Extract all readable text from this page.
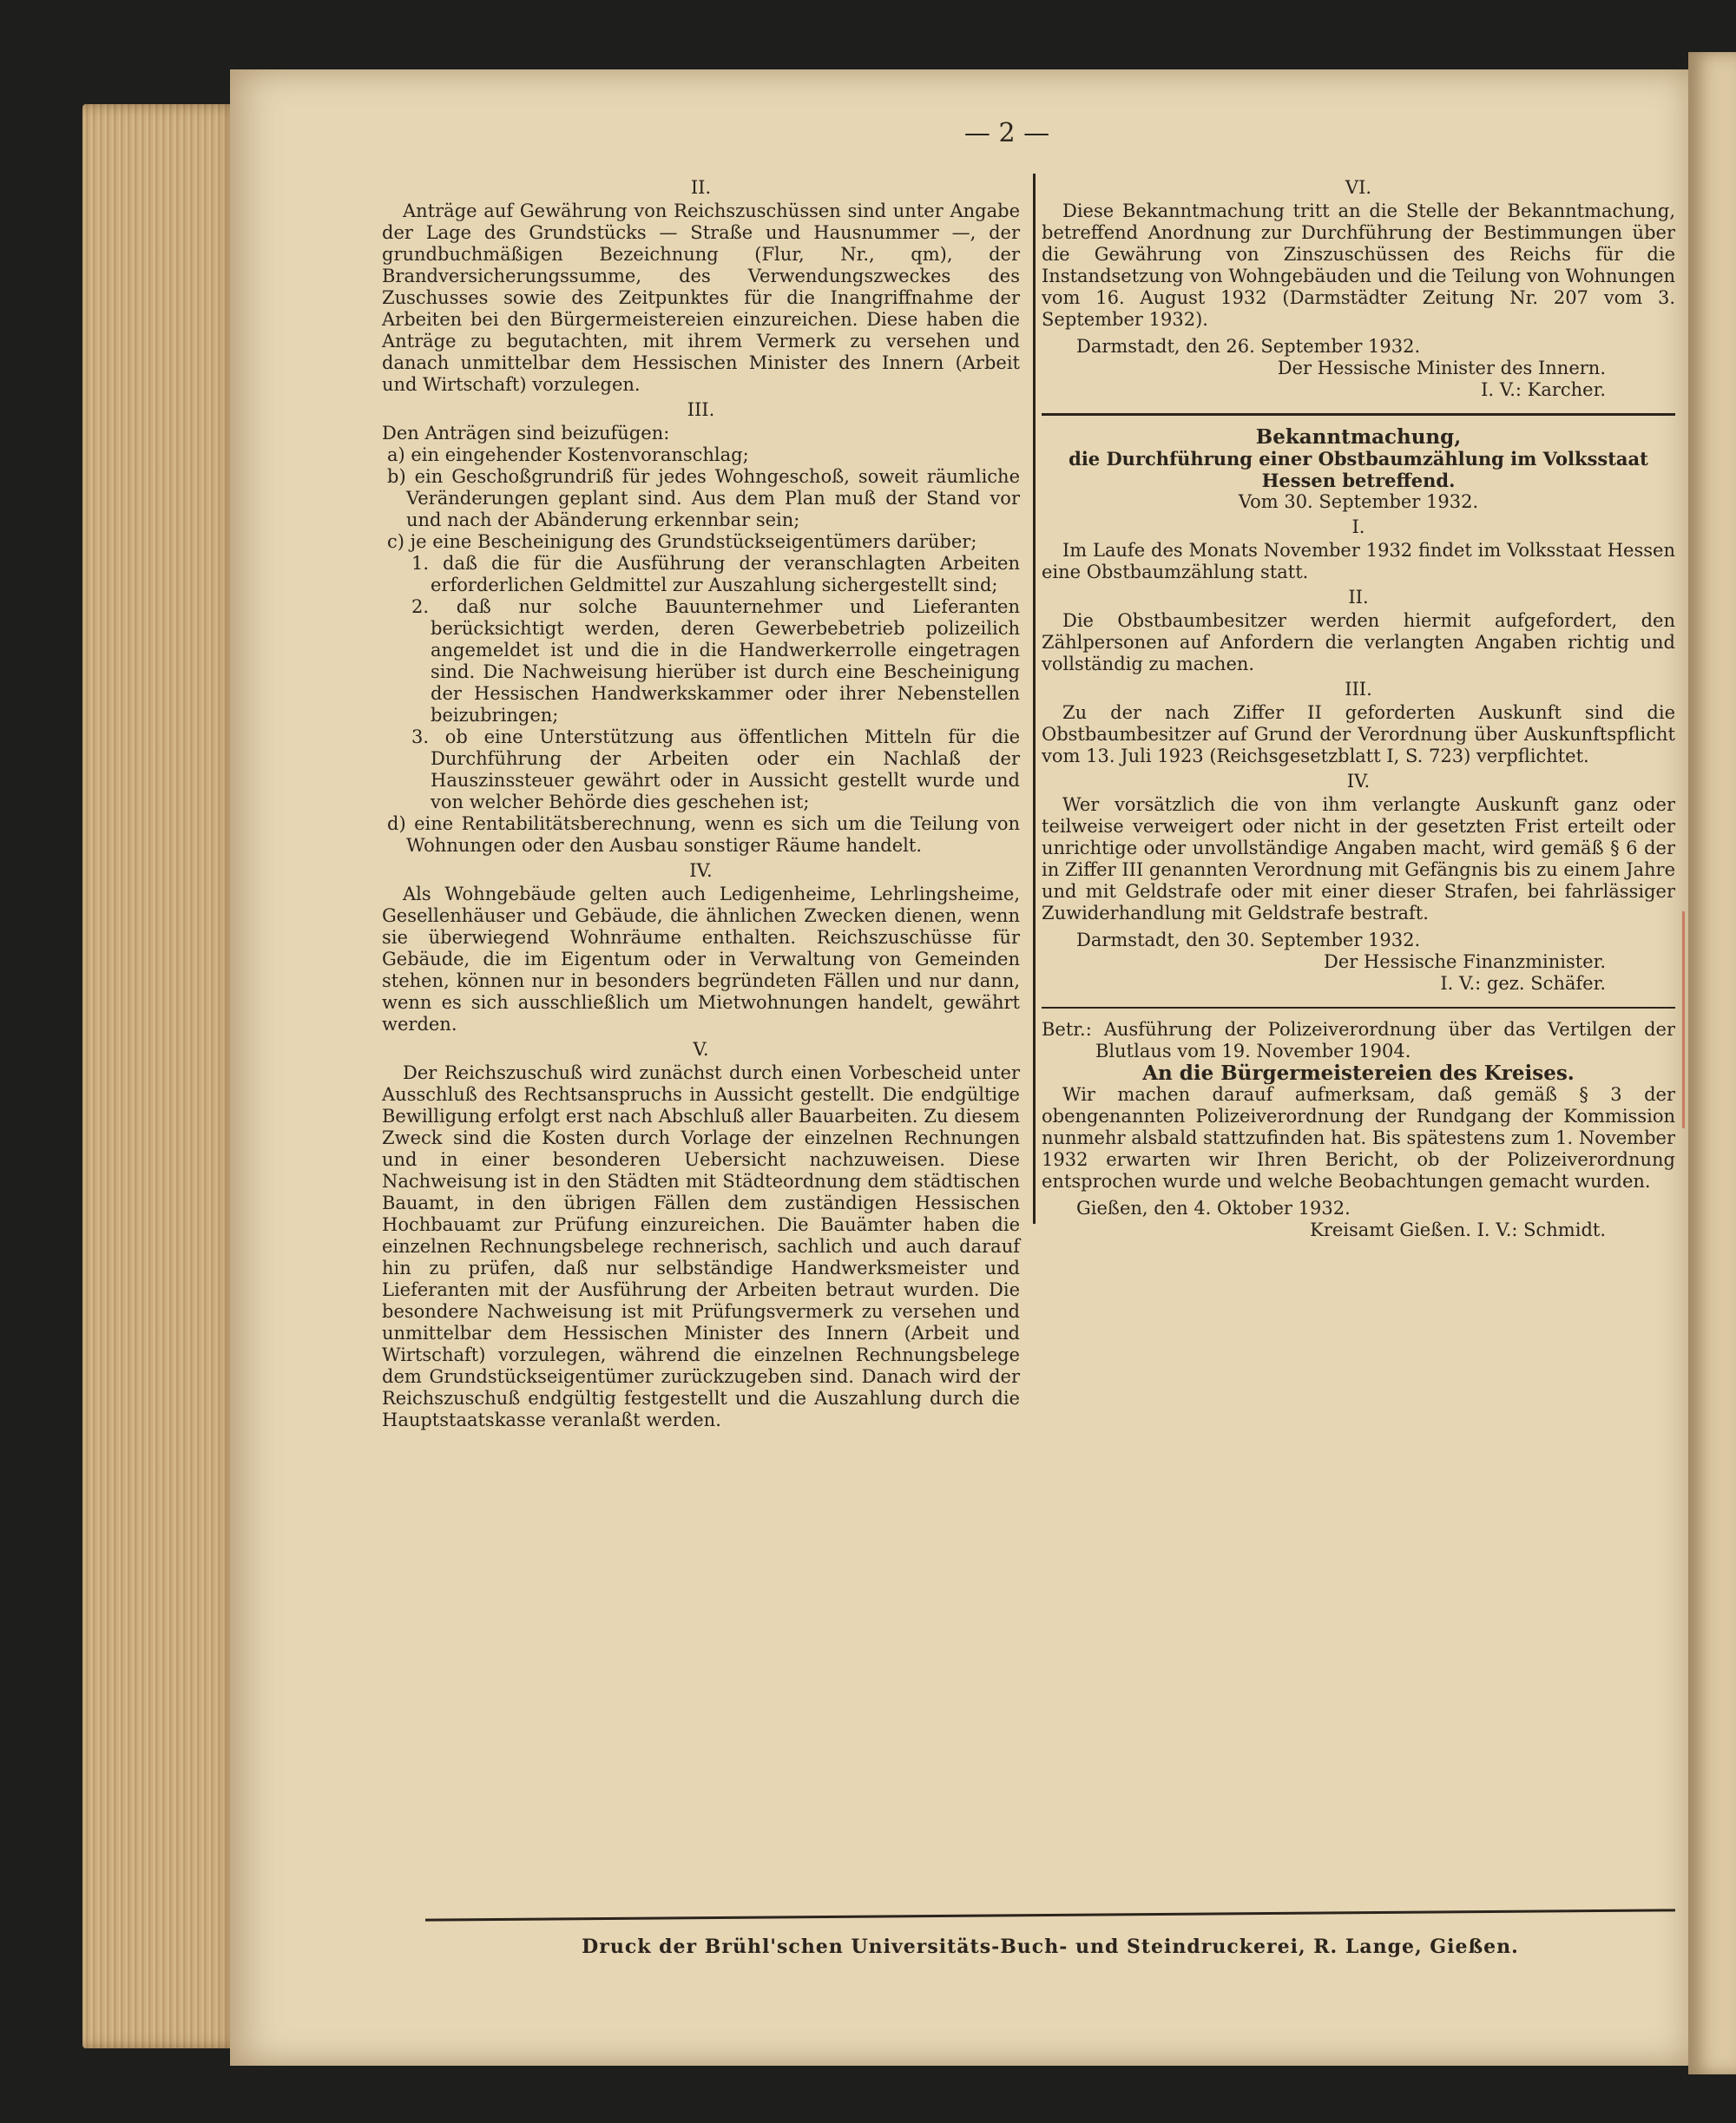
— 2 —
II.

Anträge auf Gewährung von Reichszuschüssen sind unter Angabe der Lage des Grundstücks — Straße und Hausnummer —, der grundbuchmäßigen Bezeichnung (Flur, Nr., qm), der Brandversicherungssumme, des Verwendungszweckes des Zuschusses sowie des Zeitpunktes für die Inangriffnahme der Arbeiten bei den Bürgermeistereien einzureichen. Diese haben die Anträge zu begutachten, mit ihrem Vermerk zu versehen und danach unmittelbar dem Hessischen Minister des Innern (Arbeit und Wirtschaft) vorzulegen.

III.

Den Anträgen sind beizufügen:

a) ein eingehender Kostenvoranschlag;

b) ein Geschoßgrundriß für jedes Wohngeschoß, soweit räumliche Veränderungen geplant sind. Aus dem Plan muß der Stand vor und nach der Abänderung erkennbar sein;

c) je eine Bescheinigung des Grundstückseigentümers darüber;

1. daß die für die Ausführung der veranschlagten Arbeiten erforderlichen Geldmittel zur Auszahlung sichergestellt sind;

2. daß nur solche Bauunternehmer und Lieferanten berücksichtigt werden, deren Gewerbebetrieb polizeilich angemeldet ist und die in die Handwerkerrolle eingetragen sind. Die Nachweisung hierüber ist durch eine Bescheinigung der Hessischen Handwerkskammer oder ihrer Nebenstellen beizubringen;

3. ob eine Unterstützung aus öffentlichen Mitteln für die Durchführung der Arbeiten oder ein Nachlaß der Hauszinssteuer gewährt oder in Aussicht gestellt wurde und von welcher Behörde dies geschehen ist;

d) eine Rentabilitätsberechnung, wenn es sich um die Teilung von Wohnungen oder den Ausbau sonstiger Räume handelt.

IV.

Als Wohngebäude gelten auch Ledigenheime, Lehrlingsheime, Gesellenhäuser und Gebäude, die ähnlichen Zwecken dienen, wenn sie überwiegend Wohnräume enthalten. Reichszuschüsse für Gebäude, die im Eigentum oder in Verwaltung von Gemeinden stehen, können nur in besonders begründeten Fällen und nur dann, wenn es sich ausschließlich um Mietwohnungen handelt, gewährt werden.

V.

Der Reichszuschuß wird zunächst durch einen Vorbescheid unter Ausschluß des Rechtsanspruchs in Aussicht gestellt. Die endgültige Bewilligung erfolgt erst nach Abschluß aller Bauarbeiten. Zu diesem Zweck sind die Kosten durch Vorlage der einzelnen Rechnungen und in einer besonderen Uebersicht nachzuweisen. Diese Nachweisung ist in den Städten mit Städteordnung dem städtischen Bauamt, in den übrigen Fällen dem zuständigen Hessischen Hochbauamt zur Prüfung einzureichen. Die Bauämter haben die einzelnen Rechnungsbelege rechnerisch, sachlich und auch darauf hin zu prüfen, daß nur selbständige Handwerksmeister und Lieferanten mit der Ausführung der Arbeiten betraut wurden. Die besondere Nachweisung ist mit Prüfungsvermerk zu versehen und unmittelbar dem Hessischen Minister des Innern (Arbeit und Wirtschaft) vorzulegen, während die einzelnen Rechnungsbelege dem Grundstückseigentümer zurückzugeben sind. Danach wird der Reichszuschuß endgültig festgestellt und die Auszahlung durch die Hauptstaatskasse veranlaßt werden.

VI.

Diese Bekanntmachung tritt an die Stelle der Bekanntmachung, betreffend Anordnung zur Durchführung der Bestimmungen über die Gewährung von Zinszuschüssen des Reichs für die Instandsetzung von Wohngebäuden und die Teilung von Wohnungen vom 16. August 1932 (Darmstädter Zeitung Nr. 207 vom 3. September 1932).

Darmstadt, den 26. September 1932.

Der Hessische Minister des Innern.
I. V.: Karcher.
Bekanntmachung,
die Durchführung einer Obstbaumzählung im Volksstaat Hessen betreffend.
Vom 30. September 1932.
I.

Im Laufe des Monats November 1932 findet im Volksstaat Hessen eine Obstbaumzählung statt.

II.

Die Obstbaumbesitzer werden hiermit aufgefordert, den Zählpersonen auf Anfordern die verlangten Angaben richtig und vollständig zu machen.

III.

Zu der nach Ziffer II geforderten Auskunft sind die Obstbaumbesitzer auf Grund der Verordnung über Auskunftspflicht vom 13. Juli 1923 (Reichsgesetzblatt I, S. 723) verpflichtet.

IV.

Wer vorsätzlich die von ihm verlangte Auskunft ganz oder teilweise verweigert oder nicht in der gesetzten Frist erteilt oder unrichtige oder unvollständige Angaben macht, wird gemäß § 6 der in Ziffer III genannten Verordnung mit Gefängnis bis zu einem Jahre und mit Geldstrafe oder mit einer dieser Strafen, bei fahrlässiger Zuwiderhandlung mit Geldstrafe bestraft.

Darmstadt, den 30. September 1932.

Der Hessische Finanzminister.
I. V.: gez. Schäfer.

Betr.: Ausführung der Polizeiverordnung über das Vertilgen der Blutlaus vom 19. November 1904.

An die Bürgermeistereien des Kreises.

Wir machen darauf aufmerksam, daß gemäß § 3 der obengenannten Polizeiverordnung der Rundgang der Kommission nunmehr alsbald stattzufinden hat. Bis spätestens zum 1. November 1932 erwarten wir Ihren Bericht, ob der Polizeiverordnung entsprochen wurde und welche Beobachtungen gemacht wurden.

Gießen, den 4. Oktober 1932.

Kreisamt Gießen. I. V.: Schmidt.
Druck der Brühl'schen Universitäts-Buch- und Steindruckerei, R. Lange, Gießen.
